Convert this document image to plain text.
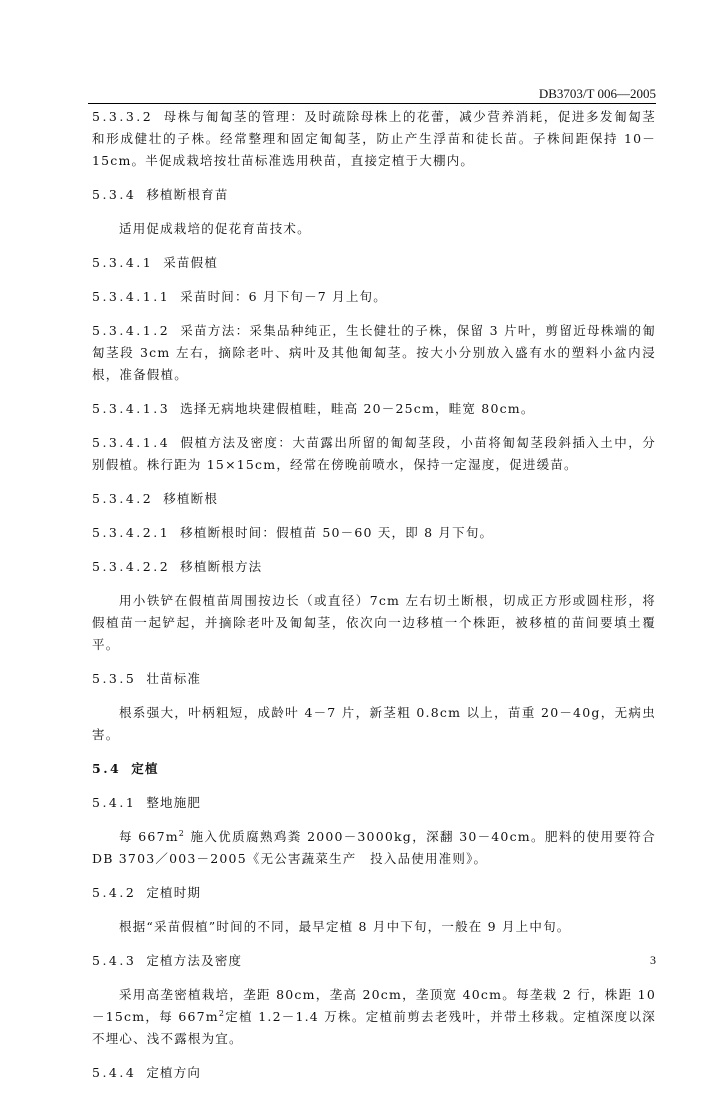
DB3703/T 006—2005
5.3.3.2 母株与匍匐茎的管理：及时疏除母株上的花蕾，减少营养消耗，促进多发匍匐茎和形成健壮的子株。经常整理和固定匍匐茎，防止产生浮苗和徒长苗。子株间距保持 10－15cm。半促成栽培按壮苗标准选用秧苗，直接定植于大棚内。
5.3.4 移植断根育苗
适用促成栽培的促花育苗技术。
5.3.4.1 采苗假植
5.3.4.1.1 采苗时间：6 月下旬－7 月上旬。
5.3.4.1.2 采苗方法：采集品种纯正，生长健壮的子株，保留 3 片叶，剪留近母株端的匍匐茎段 3cm 左右，摘除老叶、病叶及其他匍匐茎。按大小分别放入盛有水的塑料小盆内浸根，准备假植。
5.3.4.1.3 选择无病地块建假植畦，畦高 20－25cm，畦宽 80cm。
5.3.4.1.4 假植方法及密度：大苗露出所留的匍匐茎段，小苗将匍匐茎段斜插入土中，分别假植。株行距为 15×15cm，经常在傍晚前喷水，保持一定湿度，促进缓苗。
5.3.4.2 移植断根
5.3.4.2.1 移植断根时间：假植苗 50－60 天，即 8 月下旬。
5.3.4.2.2 移植断根方法
用小铁铲在假植苗周围按边长（或直径）7cm 左右切土断根，切成正方形或圆柱形，将假植苗一起铲起，并摘除老叶及匍匐茎，依次向一边移植一个株距，被移植的苗间要填土覆平。
5.3.5 壮苗标准
根系强大，叶柄粗短，成龄叶 4－7 片，新茎粗 0.8cm 以上，苗重 20－40g，无病虫害。
5.4 定植
5.4.1 整地施肥
每 $667m^2$ 施入优质腐熟鸡粪 2000－3000kg，深翻 30－40cm。肥料的使用要符合 DB 3703／003－2005《无公害蔬菜生产　投入品使用准则》。
5.4.2 定植时期
根据“采苗假植”时间的不同，最早定植 8 月中下旬，一般在 9 月上中旬。
5.4.3 定植方法及密度
采用高垄密植栽培，垄距 80cm，垄高 20cm，垄顶宽 40cm。每垄栽 2 行，株距 10－15cm，每 $667m^2$定植 1.2－1.4 万株。定植前剪去老残叶，并带土移栽。定植深度以深不埋心、浅不露根为宜。
5.4.4 定植方向
3
